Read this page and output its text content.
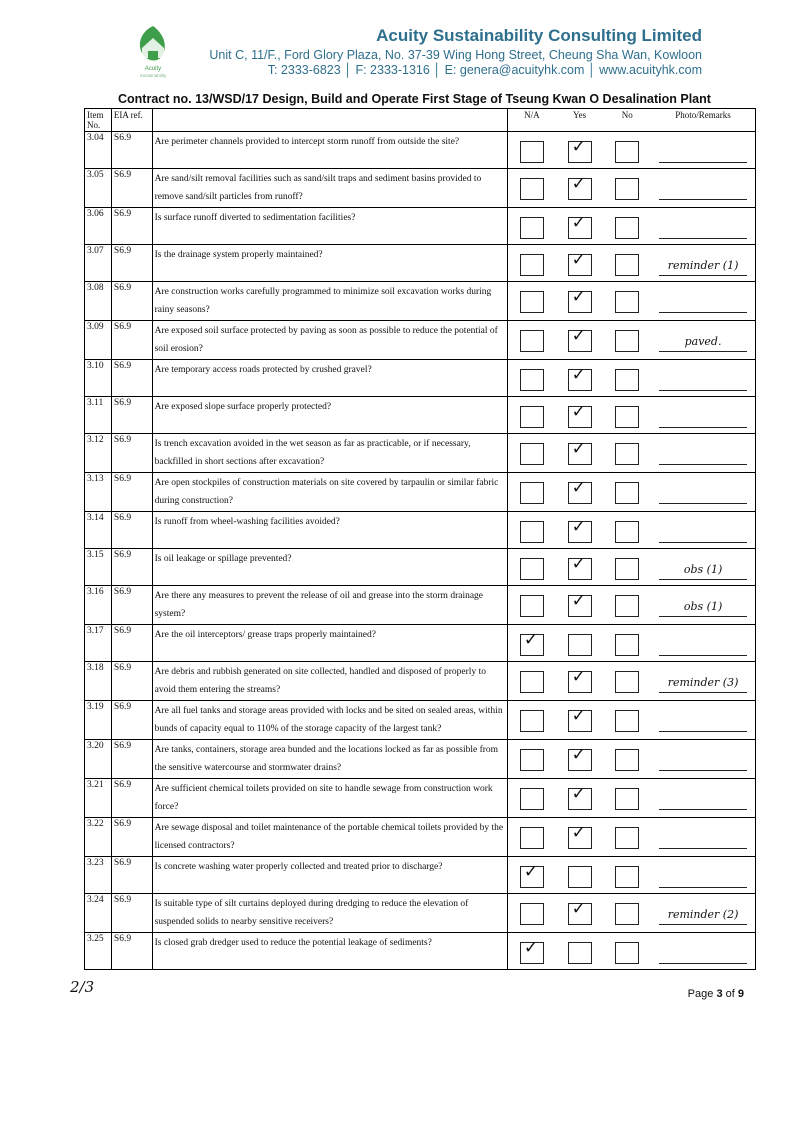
Acuity
Sustainability
Acuity Sustainability Consulting Limited
Unit C, 11/F., Ford Glory Plaza, No. 37-39 Wing Hong Street, Cheung Sha Wan, Kowloon
T: 2333-6823 │ F: 2333-1316 │ E: genera@acuityhk.com │ www.acuityhk.com
Contract no. 13/WSD/17 Design, Build and Operate First Stage of Tseung Kwan O Desalination Plant
Item No.	EIA ref.		N/A	Yes	No	Photo/Remarks
3.04	S6.9	Are perimeter channels provided to intercept storm runoff from outside the site?		✓		

3.05	S6.9	Are sand/silt removal facilities such as sand/silt traps and sediment basins provided to remove sand/silt particles from runoff?		✓		

3.06	S6.9	Is surface runoff diverted to sedimentation facilities?		✓		

3.07	S6.9	Is the drainage system properly maintained?		✓		reminder (1)
3.08	S6.9	Are construction works carefully programmed to minimize soil excavation works during rainy seasons?		✓		

3.09	S6.9	Are exposed soil surface protected by paving as soon as possible to reduce the potential of soil erosion?		✓		paved.
3.10	S6.9	Are temporary access roads protected by crushed gravel?		✓		

3.11	S6.9	Are exposed slope surface properly protected?		✓		

3.12	S6.9	Is trench excavation avoided in the wet season as far as practicable, or if necessary, backfilled in short sections after excavation?		✓		

3.13	S6.9	Are open stockpiles of construction materials on site covered by tarpaulin or similar fabric during construction?		✓		

3.14	S6.9	Is runoff from wheel-washing facilities avoided?		✓		

3.15	S6.9	Is oil leakage or spillage prevented?		✓		obs (1)
3.16	S6.9	Are there any measures to prevent the release of oil and grease into the storm drainage system?		✓		obs (1)
3.17	S6.9	Are the oil interceptors/ grease traps properly maintained?	✓			

3.18	S6.9	Are debris and rubbish generated on site collected, handled and disposed of properly to avoid them entering the streams?		✓		reminder (3)
3.19	S6.9	Are all fuel tanks and storage areas provided with locks and be sited on sealed areas, within bunds of capacity equal to 110% of the storage capacity of the largest tank?		✓		

3.20	S6.9	Are tanks, containers, storage area bunded and the locations locked as far as possible from the sensitive watercourse and stormwater drains?		✓		

3.21	S6.9	Are sufficient chemical toilets provided on site to handle sewage from construction work force?		✓		

3.22	S6.9	Are sewage disposal and toilet maintenance of the portable chemical toilets provided by the licensed contractors?		✓		

3.23	S6.9	Is concrete washing water properly collected and treated prior to discharge?	✓			

3.24	S6.9	Is suitable type of silt curtains deployed during dredging to reduce the elevation of suspended solids to nearby sensitive receivers?		✓		reminder (2)
3.25	S6.9	Is closed grab dredger used to reduce the potential leakage of sediments?	✓			

2/3	Page 3 of 9
